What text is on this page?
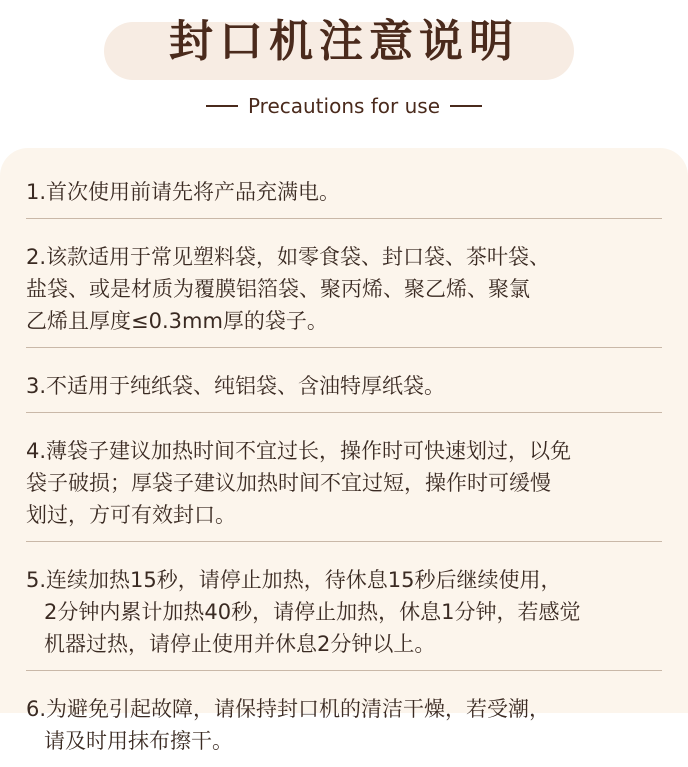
封口机注意说明
Precautions for use
1.首次使用前请先将产品充满电。
2.该款适用于常见塑料袋，如零食袋、封口袋、茶叶袋、
盐袋、或是材质为覆膜铝箔袋、聚丙烯、聚乙烯、聚氯
乙烯且厚度≤0.3mm厚的袋子。
3.不适用于纯纸袋、纯铝袋、含油特厚纸袋。
4.薄袋子建议加热时间不宜过长，操作时可快速划过，以免
袋子破损；厚袋子建议加热时间不宜过短，操作时可缓慢
划过，方可有效封口。
5.连续加热15秒，请停止加热，待休息15秒后继续使用，
2分钟内累计加热40秒，请停止加热，休息1分钟，若感觉
机器过热，请停止使用并休息2分钟以上。
6.为避免引起故障，请保持封口机的清洁干燥，若受潮，
请及时用抹布擦干。
